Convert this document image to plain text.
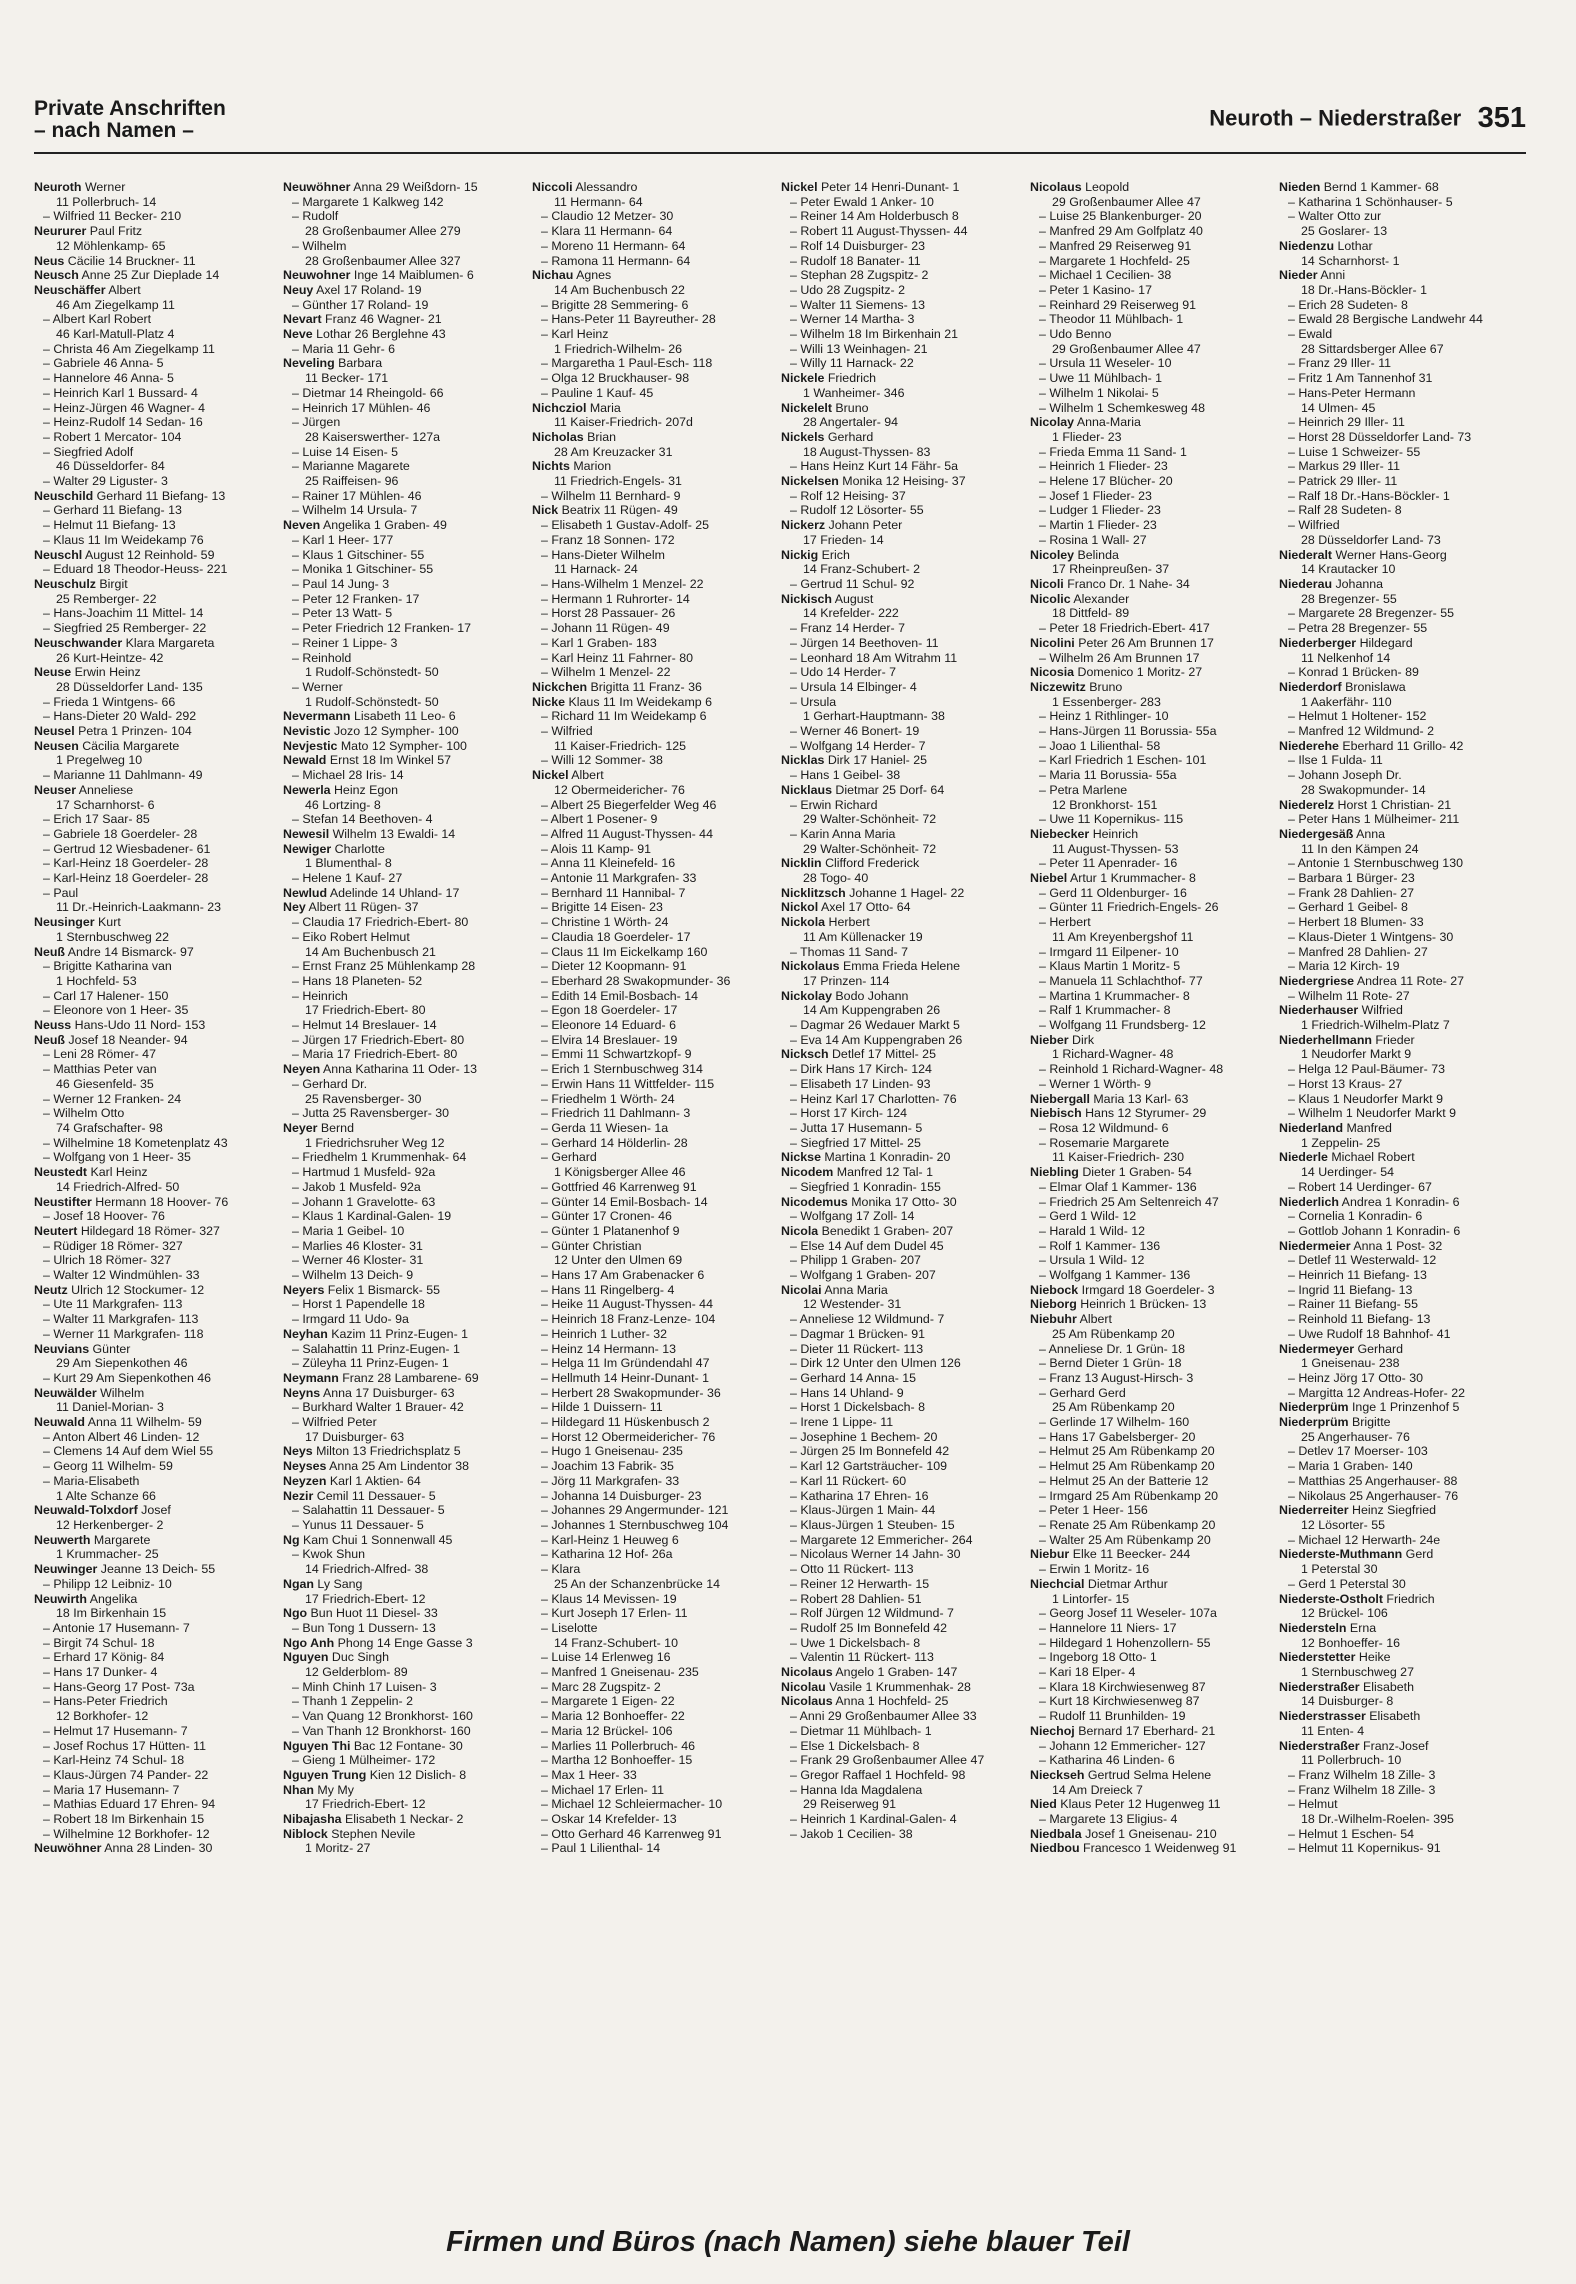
Private Anschriften
– nach Namen –	Neuroth – Niederstraßer 351
Neuroth Werner
11 Pollerbruch- 14
– Wilfried 11 Becker- 210
Neururer Paul Fritz
12 Möhlenkamp- 65
Neus Cäcilie 14 Bruckner- 11
Neusch Anne 25 Zur Dieplade 14
Neuschäffer Albert
46 Am Ziegelkamp 11
– Albert Karl Robert
46 Karl-Matull-Platz 4
– Christa 46 Am Ziegelkamp 11
– Gabriele 46 Anna- 5
– Hannelore 46 Anna- 5
– Heinrich Karl 1 Bussard- 4
– Heinz-Jürgen 46 Wagner- 4
– Heinz-Rudolf 14 Sedan- 16
– Robert 1 Mercator- 104
– Siegfried Adolf
46 Düsseldorfer- 84
– Walter 29 Liguster- 3
Neuschild Gerhard 11 Biefang- 13
– Gerhard 11 Biefang- 13
– Helmut 11 Biefang- 13
– Klaus 11 Im Weidekamp 76
Neuschl August 12 Reinhold- 59
– Eduard 18 Theodor-Heuss- 221
Neuschulz Birgit
25 Remberger- 22
– Hans-Joachim 11 Mittel- 14
– Siegfried 25 Remberger- 22
Neuschwander Klara Margareta
26 Kurt-Heintze- 42
Neuse Erwin Heinz
28 Düsseldorfer Land- 135
– Frieda 1 Wintgens- 66
– Hans-Dieter 20 Wald- 292
Neusel Petra 1 Prinzen- 104
Neusen Cäcilia Margarete
1 Pregelweg 10
– Marianne 11 Dahlmann- 49
Neuser Anneliese
17 Scharnhorst- 6
– Erich 17 Saar- 85
– Gabriele 18 Goerdeler- 28
– Gertrud 12 Wiesbadener- 61
– Karl-Heinz 18 Goerdeler- 28
– Karl-Heinz 18 Goerdeler- 28
– Paul
11 Dr.-Heinrich-Laakmann- 23
Neusinger Kurt
1 Sternbuschweg 22
Neuß Andre 14 Bismarck- 97
– Brigitte Katharina van
1 Hochfeld- 53
– Carl 17 Halener- 150
– Eleonore von 1 Heer- 35
Neuss Hans-Udo 11 Nord- 153
Neuß Josef 18 Neander- 94
– Leni 28 Römer- 47
– Matthias Peter van
46 Giesenfeld- 35
– Werner 12 Franken- 24
– Wilhelm Otto
74 Grafschafter- 98
– Wilhelmine 18 Kometenplatz 43
– Wolfgang von 1 Heer- 35
Neustedt Karl Heinz
14 Friedrich-Alfred- 50
Neustifter Hermann 18 Hoover- 76
– Josef 18 Hoover- 76
Neutert Hildegard 18 Römer- 327
– Rüdiger 18 Römer- 327
– Ulrich 18 Römer- 327
– Walter 12 Windmühlen- 33
Neutz Ulrich 12 Stockumer- 12
– Ute 11 Markgrafen- 113
– Walter 11 Markgrafen- 113
– Werner 11 Markgrafen- 118
Neuvians Günter
29 Am Siepenkothen 46
– Kurt 29 Am Siepenkothen 46
Neuwälder Wilhelm
11 Daniel-Morian- 3
Neuwald Anna 11 Wilhelm- 59
– Anton Albert 46 Linden- 12
– Clemens 14 Auf dem Wiel 55
– Georg 11 Wilhelm- 59
– Maria-Elisabeth
1 Alte Schanze 66
Neuwald-Tolxdorf Josef
12 Herkenberger- 2
Neuwerth Margarete
1 Krummacher- 25
Neuwinger Jeanne 13 Deich- 55
– Philipp 12 Leibniz- 10
Neuwirth Angelika
18 Im Birkenhain 15
– Antonie 17 Husemann- 7
– Birgit 74 Schul- 18
– Erhard 17 König- 84
– Hans 17 Dunker- 4
– Hans-Georg 17 Post- 73a
– Hans-Peter Friedrich
12 Borkhofer- 12
– Helmut 17 Husemann- 7
– Josef Rochus 17 Hütten- 11
– Karl-Heinz 74 Schul- 18
– Klaus-Jürgen 74 Pander- 22
– Maria 17 Husemann- 7
– Mathias Eduard 17 Ehren- 94
– Robert 18 Im Birkenhain 15
– Wilhelmine 12 Borkhofer- 12
Neuwöhner Anna 28 Linden- 30
Neuwöhner Anna 29 Weißdorn- 15
– Margarete 1 Kalkweg 142
– Rudolf
28 Großenbaumer Allee 279
– Wilhelm
28 Großenbaumer Allee 327
Neuwohner Inge 14 Maiblumen- 6
Neuy Axel 17 Roland- 19
– Günther 17 Roland- 19
Nevart Franz 46 Wagner- 21
Neve Lothar 26 Berglehne 43
– Maria 11 Gehr- 6
Neveling Barbara
11 Becker- 171
– Dietmar 14 Rheingold- 66
– Heinrich 17 Mühlen- 46
– Jürgen
28 Kaiserswerther- 127a
– Luise 14 Eisen- 5
– Marianne Magarete
25 Raiffeisen- 96
– Rainer 17 Mühlen- 46
– Wilhelm 14 Ursula- 7
Neven Angelika 1 Graben- 49
– Karl 1 Heer- 177
– Klaus 1 Gitschiner- 55
– Monika 1 Gitschiner- 55
– Paul 14 Jung- 3
– Peter 12 Franken- 17
– Peter 13 Watt- 5
– Peter Friedrich 12 Franken- 17
– Reiner 1 Lippe- 3
– Reinhold
1 Rudolf-Schönstedt- 50
– Werner
1 Rudolf-Schönstedt- 50
Nevermann Lisabeth 11 Leo- 6
Nevistic Jozo 12 Sympher- 100
Nevjestic Mato 12 Sympher- 100
Newald Ernst 18 Im Winkel 57
– Michael 28 Iris- 14
Newerla Heinz Egon
46 Lortzing- 8
– Stefan 14 Beethoven- 4
Newesil Wilhelm 13 Ewaldi- 14
Newiger Charlotte
1 Blumenthal- 8
– Helene 1 Kauf- 27
Newlud Adelinde 14 Uhland- 17
Ney Albert 11 Rügen- 37
– Claudia 17 Friedrich-Ebert- 80
– Eiko Robert Helmut
14 Am Buchenbusch 21
– Ernst Franz 25 Mühlenkamp 28
– Hans 18 Planeten- 52
– Heinrich
17 Friedrich-Ebert- 80
– Helmut 14 Breslauer- 14
– Jürgen 17 Friedrich-Ebert- 80
– Maria 17 Friedrich-Ebert- 80
Neyen Anna Katharina 11 Oder- 13
– Gerhard Dr.
25 Ravensberger- 30
– Jutta 25 Ravensberger- 30
Neyer Bernd
1 Friedrichsruher Weg 12
– Friedhelm 1 Krummenhak- 64
– Hartmud 1 Musfeld- 92a
– Jakob 1 Musfeld- 92a
– Johann 1 Gravelotte- 63
– Klaus 1 Kardinal-Galen- 19
– Maria 1 Geibel- 10
– Marlies 46 Kloster- 31
– Werner 46 Kloster- 31
– Wilhelm 13 Deich- 9
Neyers Felix 1 Bismarck- 55
– Horst 1 Papendelle 18
– Irmgard 11 Udo- 9a
Neyhan Kazim 11 Prinz-Eugen- 1
– Salahattin 11 Prinz-Eugen- 1
– Züleyha 11 Prinz-Eugen- 1
Neymann Franz 28 Lambarene- 69
Neyns Anna 17 Duisburger- 63
– Burkhard Walter 1 Brauer- 42
– Wilfried Peter
17 Duisburger- 63
Neys Milton 13 Friedrichsplatz 5
Neyses Anna 25 Am Lindentor 38
Neyzen Karl 1 Aktien- 64
Nezir Cemil 11 Dessauer- 5
– Salahattin 11 Dessauer- 5
– Yunus 11 Dessauer- 5
Ng Kam Chui 1 Sonnenwall 45
– Kwok Shun
14 Friedrich-Alfred- 38
Ngan Ly Sang
17 Friedrich-Ebert- 12
Ngo Bun Huot 11 Diesel- 33
– Bun Tong 1 Dussern- 13
Ngo Anh Phong 14 Enge Gasse 3
Nguyen Duc Singh
12 Gelderblom- 89
– Minh Chinh 17 Luisen- 3
– Thanh 1 Zeppelin- 2
– Van Quang 12 Bronkhorst- 160
– Van Thanh 12 Bronkhorst- 160
Nguyen Thi Bac 12 Fontane- 30
– Gieng 1 Mülheimer- 172
Nguyen Trung Kien 12 Dislich- 8
Nhan My My
17 Friedrich-Ebert- 12
Nibajasha Elisabeth 1 Neckar- 2
Niblock Stephen Nevile
1 Moritz- 27
Niccoli Alessandro
11 Hermann- 64
– Claudio 12 Metzer- 30
– Klara 11 Hermann- 64
– Moreno 11 Hermann- 64
– Ramona 11 Hermann- 64
Nichau Agnes
14 Am Buchenbusch 22
– Brigitte 28 Semmering- 6
– Hans-Peter 11 Bayreuther- 28
– Karl Heinz
1 Friedrich-Wilhelm- 26
– Margaretha 1 Paul-Esch- 118
– Olga 12 Bruckhauser- 98
– Pauline 1 Kauf- 45
Nichcziol Maria
11 Kaiser-Friedrich- 207d
Nicholas Brian
28 Am Kreuzacker 31
Nichts Marion
11 Friedrich-Engels- 31
– Wilhelm 11 Bernhard- 9
Nick Beatrix 11 Rügen- 49
– Elisabeth 1 Gustav-Adolf- 25
– Franz 18 Sonnen- 172
– Hans-Dieter Wilhelm
11 Harnack- 24
– Hans-Wilhelm 1 Menzel- 22
– Hermann 1 Ruhrorter- 14
– Horst 28 Passauer- 26
– Johann 11 Rügen- 49
– Karl 1 Graben- 183
– Karl Heinz 11 Fahrner- 80
– Wilhelm 1 Menzel- 22
Nickchen Brigitta 11 Franz- 36
Nicke Klaus 11 Im Weidekamp 6
– Richard 11 Im Weidekamp 6
– Wilfried
11 Kaiser-Friedrich- 125
– Willi 12 Sommer- 38
Nickel Albert
12 Obermeidericher- 76
– Albert 25 Biegerfelder Weg 46
– Albert 1 Posener- 9
– Alfred 11 August-Thyssen- 44
– Alois 11 Kamp- 91
– Anna 11 Kleinefeld- 16
– Antonie 11 Markgrafen- 33
– Bernhard 11 Hannibal- 7
– Brigitte 14 Eisen- 23
– Christine 1 Wörth- 24
– Claudia 18 Goerdeler- 17
– Claus 11 Im Eickelkamp 160
– Dieter 12 Koopmann- 91
– Eberhard 28 Swakopmunder- 36
– Edith 14 Emil-Bosbach- 14
– Egon 18 Goerdeler- 17
– Eleonore 14 Eduard- 6
– Elvira 14 Breslauer- 19
– Emmi 11 Schwartzkopf- 9
– Erich 1 Sternbuschweg 314
– Erwin Hans 11 Wittfelder- 115
– Friedhelm 1 Wörth- 24
– Friedrich 11 Dahlmann- 3
– Gerda 11 Wiesen- 1a
– Gerhard 14 Hölderlin- 28
– Gerhard
1 Königsberger Allee 46
– Gottfried 46 Karrenweg 91
– Günter 14 Emil-Bosbach- 14
– Günter 17 Cronen- 46
– Günter 1 Platanenhof 9
– Günter Christian
12 Unter den Ulmen 69
– Hans 17 Am Grabenacker 6
– Hans 11 Ringelberg- 4
– Heike 11 August-Thyssen- 44
– Heinrich 18 Franz-Lenze- 104
– Heinrich 1 Luther- 32
– Heinz 14 Hermann- 13
– Helga 11 Im Gründendahl 47
– Hellmuth 14 Heinr-Dunant- 1
– Herbert 28 Swakopmunder- 36
– Hilde 1 Duissern- 11
– Hildegard 11 Hüskenbusch 2
– Horst 12 Obermeidericher- 76
– Hugo 1 Gneisenau- 235
– Joachim 13 Fabrik- 35
– Jörg 11 Markgrafen- 33
– Johanna 14 Duisburger- 23
– Johannes 29 Angermunder- 121
– Johannes 1 Sternbuschweg 104
– Karl-Heinz 1 Heuweg 6
– Katharina 12 Hof- 26a
– Klara
25 An der Schanzenbrücke 14
– Klaus 14 Mevissen- 19
– Kurt Joseph 17 Erlen- 11
– Liselotte
14 Franz-Schubert- 10
– Luise 14 Erlenweg 16
– Manfred 1 Gneisenau- 235
– Marc 28 Zugspitz- 2
– Margarete 1 Eigen- 22
– Maria 12 Bonhoeffer- 22
– Maria 12 Brückel- 106
– Marlies 11 Pollerbruch- 46
– Martha 12 Bonhoeffer- 15
– Max 1 Heer- 33
– Michael 17 Erlen- 11
– Michael 12 Schleiermacher- 10
– Oskar 14 Krefelder- 13
– Otto Gerhard 46 Karrenweg 91
– Paul 1 Lilienthal- 14
Nickel Peter 14 Henri-Dunant- 1
– Peter Ewald 1 Anker- 10
– Reiner 14 Am Holderbusch 8
– Robert 11 August-Thyssen- 44
– Rolf 14 Duisburger- 23
– Rudolf 18 Banater- 11
– Stephan 28 Zugspitz- 2
– Udo 28 Zugspitz- 2
– Walter 11 Siemens- 13
– Werner 14 Martha- 3
– Wilhelm 18 Im Birkenhain 21
– Willi 13 Weinhagen- 21
– Willy 11 Harnack- 22
Nickele Friedrich
1 Wanheimer- 346
Nickelelt Bruno
28 Angertaler- 94
Nickels Gerhard
18 August-Thyssen- 83
– Hans Heinz Kurt 14 Fähr- 5a
Nickelsen Monika 12 Heising- 37
– Rolf 12 Heising- 37
– Rudolf 12 Lösorter- 55
Nickerz Johann Peter
17 Frieden- 14
Nickig Erich
14 Franz-Schubert- 2
– Gertrud 11 Schul- 92
Nickisch August
14 Krefelder- 222
– Franz 14 Herder- 7
– Jürgen 14 Beethoven- 11
– Leonhard 18 Am Witrahm 11
– Udo 14 Herder- 7
– Ursula 14 Elbinger- 4
– Ursula
1 Gerhart-Hauptmann- 38
– Werner 46 Bonert- 19
– Wolfgang 14 Herder- 7
Nicklas Dirk 17 Haniel- 25
– Hans 1 Geibel- 38
Nicklaus Dietmar 25 Dorf- 64
– Erwin Richard
29 Walter-Schönheit- 72
– Karin Anna Maria
29 Walter-Schönheit- 72
Nicklin Clifford Frederick
28 Togo- 40
Nicklitzsch Johanne 1 Hagel- 22
Nickol Axel 17 Otto- 64
Nickola Herbert
11 Am Küllenacker 19
– Thomas 11 Sand- 7
Nickolaus Emma Frieda Helene
17 Prinzen- 114
Nickolay Bodo Johann
14 Am Kuppengraben 26
– Dagmar 26 Wedauer Markt 5
– Eva 14 Am Kuppengraben 26
Nicksch Detlef 17 Mittel- 25
– Dirk Hans 17 Kirch- 124
– Elisabeth 17 Linden- 93
– Heinz Karl 17 Charlotten- 76
– Horst 17 Kirch- 124
– Jutta 17 Husemann- 5
– Siegfried 17 Mittel- 25
Nickse Martina 1 Konradin- 20
Nicodem Manfred 12 Tal- 1
– Siegfried 1 Konradin- 155
Nicodemus Monika 17 Otto- 30
– Wolfgang 17 Zoll- 14
Nicola Benedikt 1 Graben- 207
– Else 14 Auf dem Dudel 45
– Philipp 1 Graben- 207
– Wolfgang 1 Graben- 207
Nicolai Anna Maria
12 Westender- 31
– Anneliese 12 Wildmund- 7
– Dagmar 1 Brücken- 91
– Dieter 11 Rückert- 113
– Dirk 12 Unter den Ulmen 126
– Gerhard 14 Anna- 15
– Hans 14 Uhland- 9
– Horst 1 Dickelsbach- 8
– Irene 1 Lippe- 11
– Josephine 1 Bechem- 20
– Jürgen 25 Im Bonnefeld 42
– Karl 12 Gartsträucher- 109
– Karl 11 Rückert- 60
– Katharina 17 Ehren- 16
– Klaus-Jürgen 1 Main- 44
– Klaus-Jürgen 1 Steuben- 15
– Margarete 12 Emmericher- 264
– Nicolaus Werner 14 Jahn- 30
– Otto 11 Rückert- 113
– Reiner 12 Herwarth- 15
– Robert 28 Dahlien- 51
– Rolf Jürgen 12 Wildmund- 7
– Rudolf 25 Im Bonnefeld 42
– Uwe 1 Dickelsbach- 8
– Valentin 11 Rückert- 113
Nicolaus Angelo 1 Graben- 147
Nicolau Vasile 1 Krummenhak- 28
Nicolaus Anna 1 Hochfeld- 25
– Anni 29 Großenbaumer Allee 33
– Dietmar 11 Mühlbach- 1
– Else 1 Dickelsbach- 8
– Frank 29 Großenbaumer Allee 47
– Gregor Raffael 1 Hochfeld- 98
– Hanna Ida Magdalena
29 Reiserweg 91
– Heinrich 1 Kardinal-Galen- 4
– Jakob 1 Cecilien- 38
Nicolaus Leopold
29 Großenbaumer Allee 47
– Luise 25 Blankenburger- 20
– Manfred 29 Am Golfplatz 40
– Manfred 29 Reiserweg 91
– Margarete 1 Hochfeld- 25
– Michael 1 Cecilien- 38
– Peter 1 Kasino- 17
– Reinhard 29 Reiserweg 91
– Theodor 11 Mühlbach- 1
– Udo Benno
29 Großenbaumer Allee 47
– Ursula 11 Weseler- 10
– Uwe 11 Mühlbach- 1
– Wilhelm 1 Nikolai- 5
– Wilhelm 1 Schemkesweg 48
Nicolay Anna-Maria
1 Flieder- 23
– Frieda Emma 11 Sand- 1
– Heinrich 1 Flieder- 23
– Helene 17 Blücher- 20
– Josef 1 Flieder- 23
– Ludger 1 Flieder- 23
– Martin 1 Flieder- 23
– Rosina 1 Wall- 27
Nicoley Belinda
17 Rheinpreußen- 37
Nicoli Franco Dr. 1 Nahe- 34
Nicolic Alexander
18 Dittfeld- 89
– Peter 18 Friedrich-Ebert- 417
Nicolini Peter 26 Am Brunnen 17
– Wilhelm 26 Am Brunnen 17
Nicosia Domenico 1 Moritz- 27
Niczewitz Bruno
1 Essenberger- 283
– Heinz 1 Rithlinger- 10
– Hans-Jürgen 11 Borussia- 55a
– Joao 1 Lilienthal- 58
– Karl Friedrich 1 Eschen- 101
– Maria 11 Borussia- 55a
– Petra Marlene
12 Bronkhorst- 151
– Uwe 11 Kopernikus- 115
Niebecker Heinrich
11 August-Thyssen- 53
– Peter 11 Apenrader- 16
Niebel Artur 1 Krummacher- 8
– Gerd 11 Oldenburger- 16
– Günter 11 Friedrich-Engels- 26
– Herbert
11 Am Kreyenbergshof 11
– Irmgard 11 Eilpener- 10
– Klaus Martin 1 Moritz- 5
– Manuela 11 Schlachthof- 77
– Martina 1 Krummacher- 8
– Ralf 1 Krummacher- 8
– Wolfgang 11 Frundsberg- 12
Nieber Dirk
1 Richard-Wagner- 48
– Reinhold 1 Richard-Wagner- 48
– Werner 1 Wörth- 9
Niebergall Maria 13 Karl- 63
Niebisch Hans 12 Styrumer- 29
– Rosa 12 Wildmund- 6
– Rosemarie Margarete
11 Kaiser-Friedrich- 230
Niebling Dieter 1 Graben- 54
– Elmar Olaf 1 Kammer- 136
– Friedrich 25 Am Seltenreich 47
– Gerd 1 Wild- 12
– Harald 1 Wild- 12
– Rolf 1 Kammer- 136
– Ursula 1 Wild- 12
– Wolfgang 1 Kammer- 136
Niebock Irmgard 18 Goerdeler- 3
Nieborg Heinrich 1 Brücken- 13
Niebuhr Albert
25 Am Rübenkamp 20
– Anneliese Dr. 1 Grün- 18
– Bernd Dieter 1 Grün- 18
– Franz 13 August-Hirsch- 3
– Gerhard Gerd
25 Am Rübenkamp 20
– Gerlinde 17 Wilhelm- 160
– Hans 17 Gabelsberger- 20
– Helmut 25 Am Rübenkamp 20
– Helmut 25 Am Rübenkamp 20
– Helmut 25 An der Batterie 12
– Irmgard 25 Am Rübenkamp 20
– Peter 1 Heer- 156
– Renate 25 Am Rübenkamp 20
– Walter 25 Am Rübenkamp 20
Niebur Elke 11 Beecker- 244
– Erwin 1 Moritz- 16
Niechcial Dietmar Arthur
1 Lintorfer- 15
– Georg Josef 11 Weseler- 107a
– Hannelore 11 Niers- 17
– Hildegard 1 Hohenzollern- 55
– Ingeborg 18 Otto- 1
– Kari 18 Elper- 4
– Klara 18 Kirchwiesenweg 87
– Kurt 18 Kirchwiesenweg 87
– Rudolf 11 Brunhilden- 19
Niechoj Bernard 17 Eberhard- 21
– Johann 12 Emmericher- 127
– Katharina 46 Linden- 6
Nieckseh Gertrud Selma Helene
14 Am Dreieck 7
Nied Klaus Peter 12 Hugenweg 11
– Margarete 13 Eligius- 4
Niedbala Josef 1 Gneisenau- 210
Niedbou Francesco 1 Weidenweg 91
Nieden Bernd 1 Kammer- 68
– Katharina 1 Schönhauser- 5
– Walter Otto zur
25 Goslarer- 13
Niedenzu Lothar
14 Scharnhorst- 1
Nieder Anni
18 Dr.-Hans-Böckler- 1
– Erich 28 Sudeten- 8
– Ewald 28 Bergische Landwehr 44
– Ewald
28 Sittardsberger Allee 67
– Franz 29 Iller- 11
– Fritz 1 Am Tannenhof 31
– Hans-Peter Hermann
14 Ulmen- 45
– Heinrich 29 Iller- 11
– Horst 28 Düsseldorfer Land- 73
– Luise 1 Schweizer- 55
– Markus 29 Iller- 11
– Patrick 29 Iller- 11
– Ralf 18 Dr.-Hans-Böckler- 1
– Ralf 28 Sudeten- 8
– Wilfried
28 Düsseldorfer Land- 73
Niederalt Werner Hans-Georg
14 Krautacker 10
Niederau Johanna
28 Bregenzer- 55
– Margarete 28 Bregenzer- 55
– Petra 28 Bregenzer- 55
Niederberger Hildegard
11 Nelkenhof 14
– Konrad 1 Brücken- 89
Niederdorf Bronislawa
1 Aakerfähr- 110
– Helmut 1 Holtener- 152
– Manfred 12 Wildmund- 2
Niederehe Eberhard 11 Grillo- 42
– Ilse 1 Fulda- 11
– Johann Joseph Dr.
28 Swakopmunder- 14
Niederelz Horst 1 Christian- 21
– Peter Hans 1 Mülheimer- 211
Niedergesäß Anna
11 In den Kämpen 24
– Antonie 1 Sternbuschweg 130
– Barbara 1 Bürger- 23
– Frank 28 Dahlien- 27
– Gerhard 1 Geibel- 8
– Herbert 18 Blumen- 33
– Klaus-Dieter 1 Wintgens- 30
– Manfred 28 Dahlien- 27
– Maria 12 Kirch- 19
Niedergriese Andrea 11 Rote- 27
– Wilhelm 11 Rote- 27
Niederhauser Wilfried
1 Friedrich-Wilhelm-Platz 7
Niederhellmann Frieder
1 Neudorfer Markt 9
– Helga 12 Paul-Bäumer- 73
– Horst 13 Kraus- 27
– Klaus 1 Neudorfer Markt 9
– Wilhelm 1 Neudorfer Markt 9
Niederland Manfred
1 Zeppelin- 25
Niederle Michael Robert
14 Uerdinger- 54
– Robert 14 Uerdinger- 67
Niederlich Andrea 1 Konradin- 6
– Cornelia 1 Konradin- 6
– Gottlob Johann 1 Konradin- 6
Niedermeier Anna 1 Post- 32
– Detlef 11 Westerwald- 12
– Heinrich 11 Biefang- 13
– Ingrid 11 Biefang- 13
– Rainer 11 Biefang- 55
– Reinhold 11 Biefang- 13
– Uwe Rudolf 18 Bahnhof- 41
Niedermeyer Gerhard
1 Gneisenau- 238
– Heinz Jörg 17 Otto- 30
– Margitta 12 Andreas-Hofer- 22
Niederprüm Inge 1 Prinzenhof 5
Niederprüm Brigitte
25 Angerhauser- 76
– Detlev 17 Moerser- 103
– Maria 1 Graben- 140
– Matthias 25 Angerhauser- 88
– Nikolaus 25 Angerhauser- 76
Niederreiter Heinz Siegfried
12 Lösorter- 55
– Michael 12 Herwarth- 24e
Niederste-Muthmann Gerd
1 Peterstal 30
– Gerd 1 Peterstal 30
Niederste-Ostholt Friedrich
12 Brückel- 106
Niedersteln Erna
12 Bonhoeffer- 16
Niederstetter Heike
1 Sternbuschweg 27
Niederstraßer Elisabeth
14 Duisburger- 8
Niederstrasser Elisabeth
11 Enten- 4
Niederstraßer Franz-Josef
11 Pollerbruch- 10
– Franz Wilhelm 18 Zille- 3
– Franz Wilhelm 18 Zille- 3
– Helmut
18 Dr.-Wilhelm-Roelen- 395
– Helmut 1 Eschen- 54
– Helmut 11 Kopernikus- 91
Firmen und Büros (nach Namen) siehe blauer Teil
